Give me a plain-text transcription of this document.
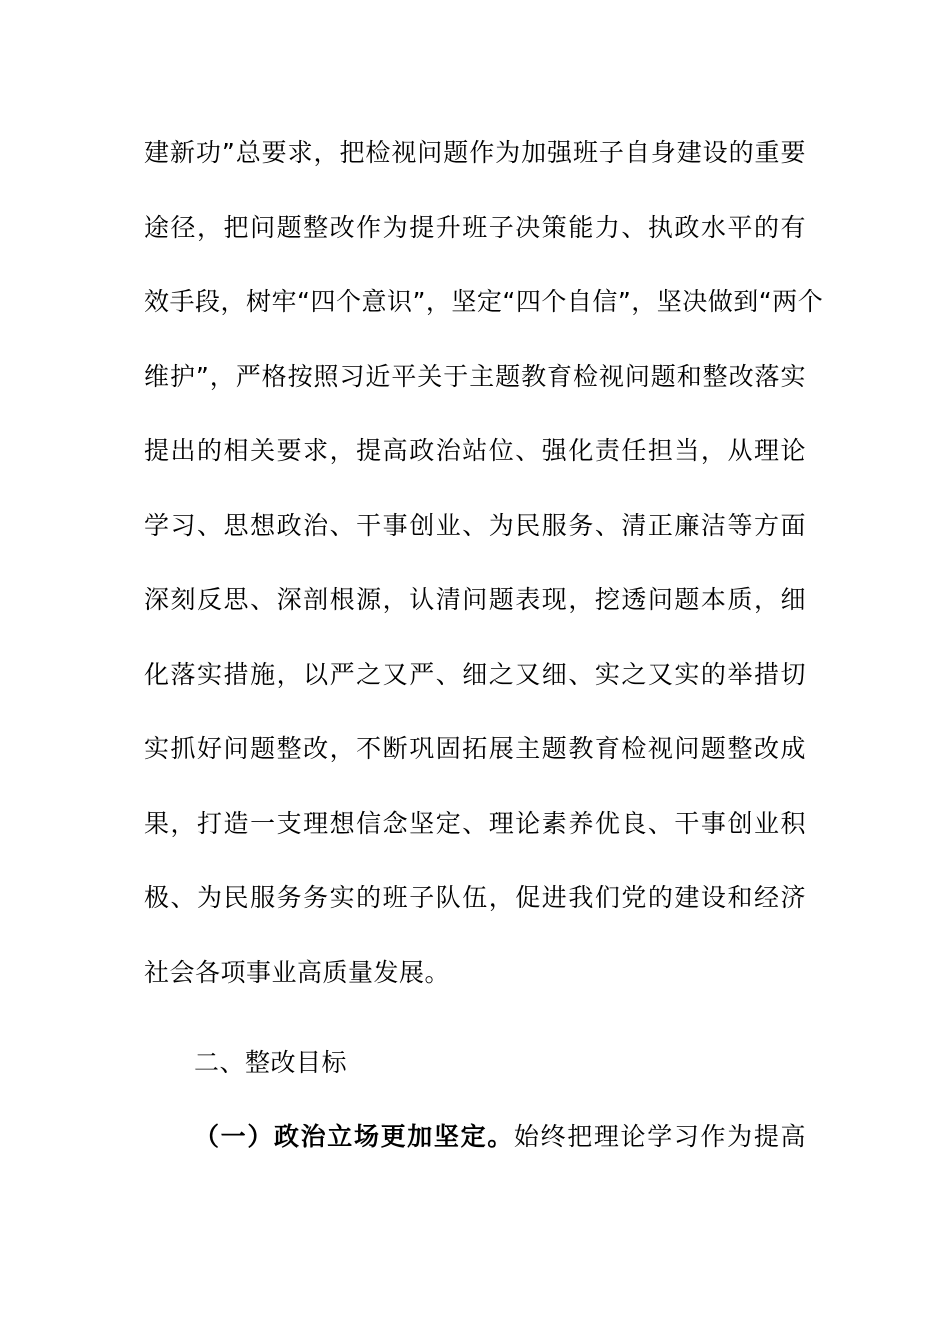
建新功”总要求，把检视问题作为加强班子自身建设的重要
途径，把问题整改作为提升班子决策能力、执政水平的有
效手段，树牢“四个意识”，坚定“四个自信”，坚决做到“两个
维护”，严格按照习近平关于主题教育检视问题和整改落实
提出的相关要求，提高政治站位、强化责任担当，从理论
学习、思想政治、干事创业、为民服务、清正廉洁等方面
深刻反思、深剖根源，认清问题表现，挖透问题本质，细
化落实措施，以严之又严、细之又细、实之又实的举措切
实抓好问题整改，不断巩固拓展主题教育检视问题整改成
果，打造一支理想信念坚定、理论素养优良、干事创业积
极、为民服务务实的班子队伍，促进我们党的建设和经济
社会各项事业高质量发展。
二、整改目标
（一）政治立场更加坚定。始终把理论学习作为提高
